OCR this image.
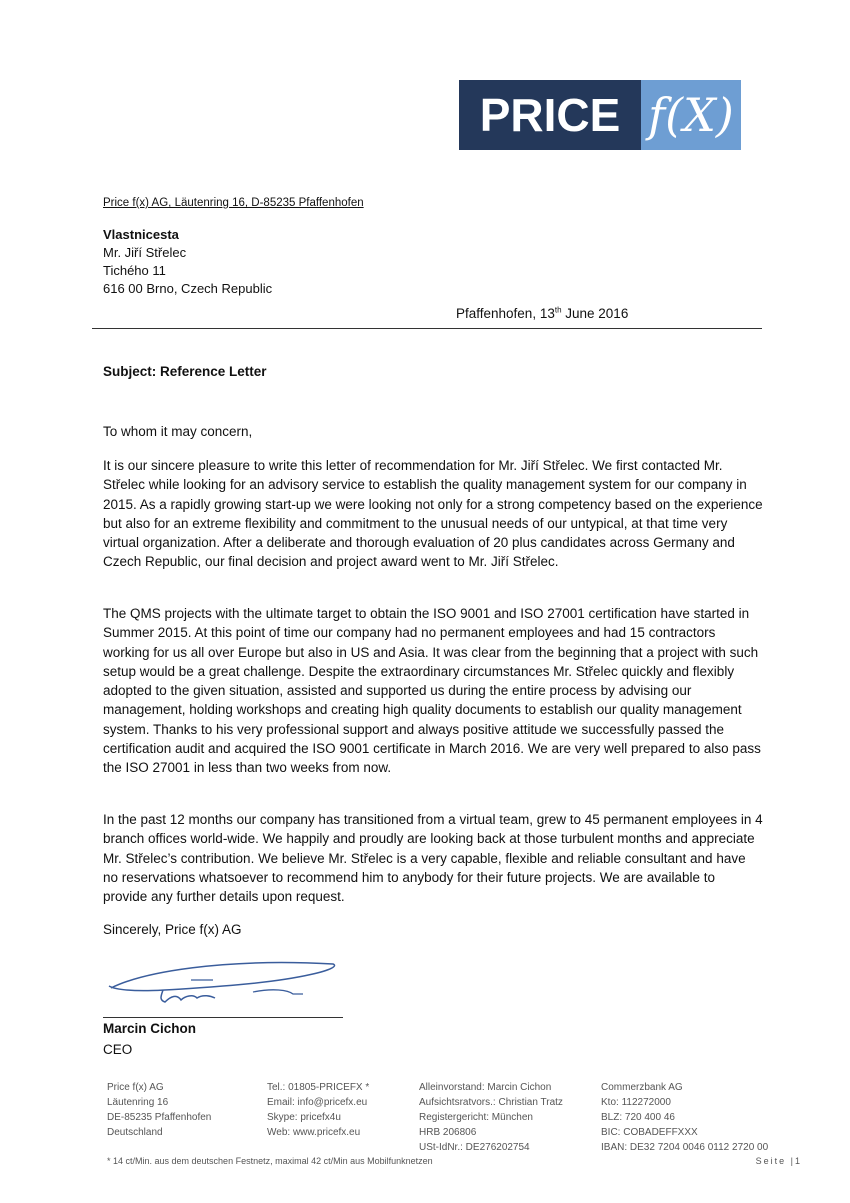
PRICE f(X)
Price f(x) AG, Läutenring 16, D-85235 Pfaffenhofen
Vlastnicesta
Mr. Jiří Střelec
Tichého 11
616 00 Brno, Czech Republic
Pfaffenhofen, 13th June 2016
Subject: Reference Letter
To whom it may concern,
It is our sincere pleasure to write this letter of recommendation for Mr. Jiří Střelec. We first contacted Mr. Střelec while looking for an advisory service to establish the quality management system for our company in 2015. As a rapidly growing start-up we were looking not only for a strong competency based on the experience but also for an extreme flexibility and commitment to the unusual needs of our untypical, at that time very virtual organization. After a deliberate and thorough evaluation of 20 plus candidates across Germany and Czech Republic, our final decision and project award went to Mr. Jiří Střelec.
The QMS projects with the ultimate target to obtain the ISO 9001 and ISO 27001 certification have started in Summer 2015. At this point of time our company had no permanent employees and had 15 contractors working for us all over Europe but also in US and Asia. It was clear from the beginning that a project with such setup would be a great challenge. Despite the extraordinary circumstances Mr. Střelec quickly and flexibly adopted to the given situation, assisted and supported us during the entire process by advising our management, holding workshops and creating high quality documents to establish our quality management system. Thanks to his very professional support and always positive attitude we successfully passed the certification audit and acquired the ISO 9001 certificate in March 2016. We are very well prepared to also pass the ISO 27001 in less than two weeks from now.
In the past 12 months our company has transitioned from a virtual team, grew to 45 permanent employees in 4 branch offices world-wide. We happily and proudly are looking back at those turbulent months and appreciate Mr. Střelec’s contribution. We believe Mr. Střelec is a very capable, flexible and reliable consultant and have no reservations whatsoever to recommend him to anybody for their future projects. We are available to provide any further details upon request.
Sincerely, Price f(x) AG
Marcin Cichon
CEO
Price f(x) AG
Läutenring 16
DE-85235 Pfaffenhofen
Deutschland
Tel.: 01805-PRICEFX *
Email: info@pricefx.eu
Skype: pricefx4u
Web: www.pricefx.eu
Alleinvorstand: Marcin Cichon
Aufsichtsratvors.: Christian Tratz
Registergericht: München
HRB 206806
USt-IdNr.: DE276202754
Commerzbank AG
Kto: 112272000
BLZ: 720 400 46
BIC: COBADEFFXXX
IBAN: DE32 7204 0046 0112 2720 00
* 14 ct/Min. aus dem deutschen Festnetz, maximal 42 ct/Min aus Mobilfunknetzen	Seite |1
